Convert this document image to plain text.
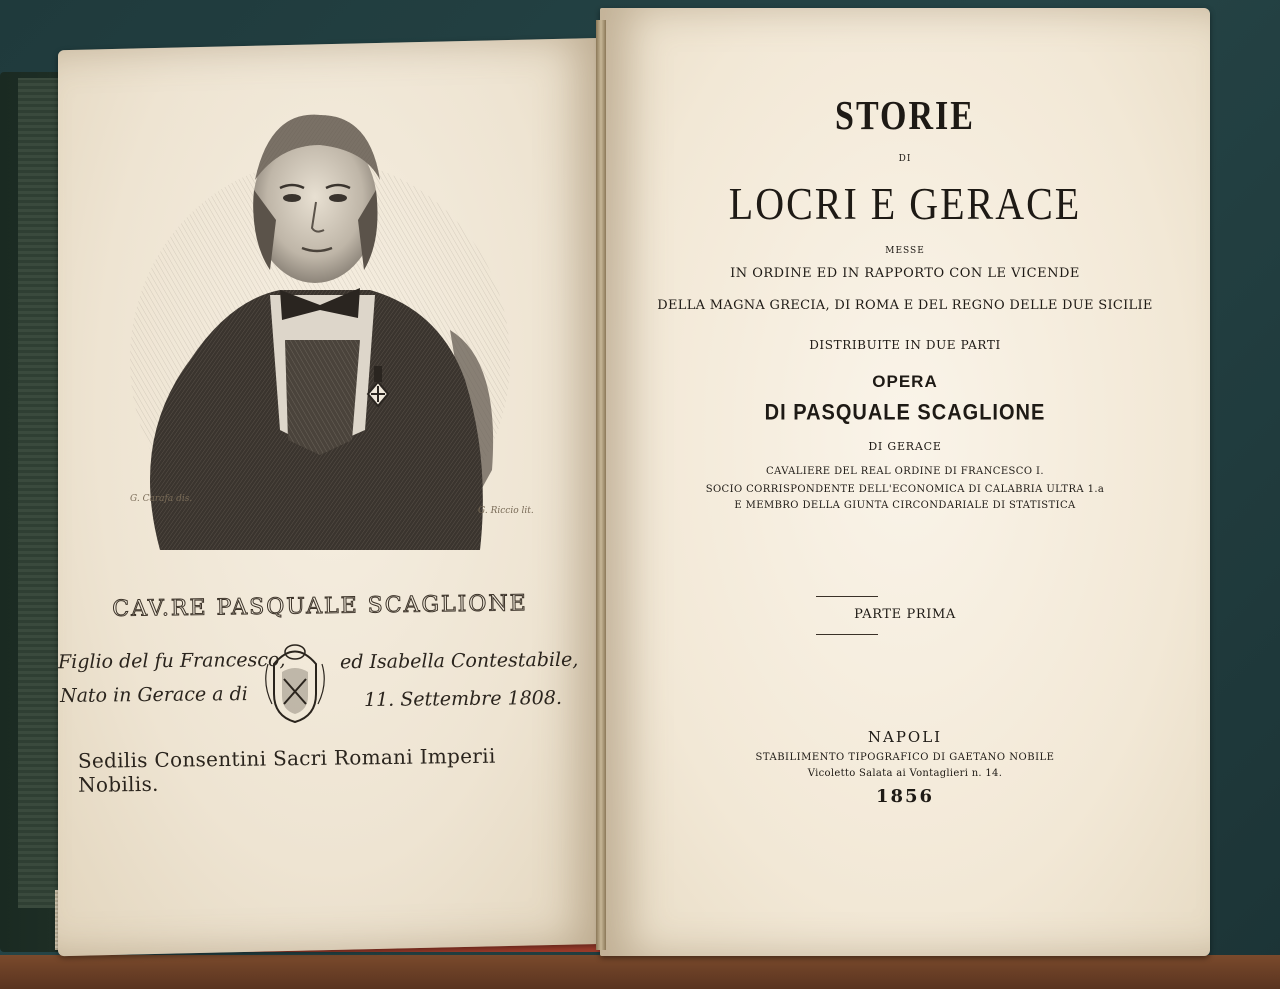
G. Carafa dis.
G. Riccio lit.
CAV.RE PASQUALE SCAGLIONE
Figlio del fu Francesco,	ed Isabella Contestabile,
Nato in Gerace a di	11. Settembre 1808.
Sedilis Consentini Sacri Romani Imperii Nobilis.
STORIE
DI
LOCRI E GERACE
MESSE
IN ORDINE ED IN RAPPORTO CON LE VICENDE
DELLA MAGNA GRECIA, DI ROMA E DEL REGNO DELLE DUE SICILIE
DISTRIBUITE IN DUE PARTI
OPERA
DI PASQUALE SCAGLIONE
DI GERACE
CAVALIERE DEL REAL ORDINE DI FRANCESCO I.
SOCIO CORRISPONDENTE DELL'ECONOMICA DI CALABRIA ULTRA 1.a
E MEMBRO DELLA GIUNTA CIRCONDARIALE DI STATISTICA
PARTE PRIMA
NAPOLI
STABILIMENTO TIPOGRAFICO DI GAETANO NOBILE
Vicoletto Salata ai Vontaglieri n. 14.
1856
